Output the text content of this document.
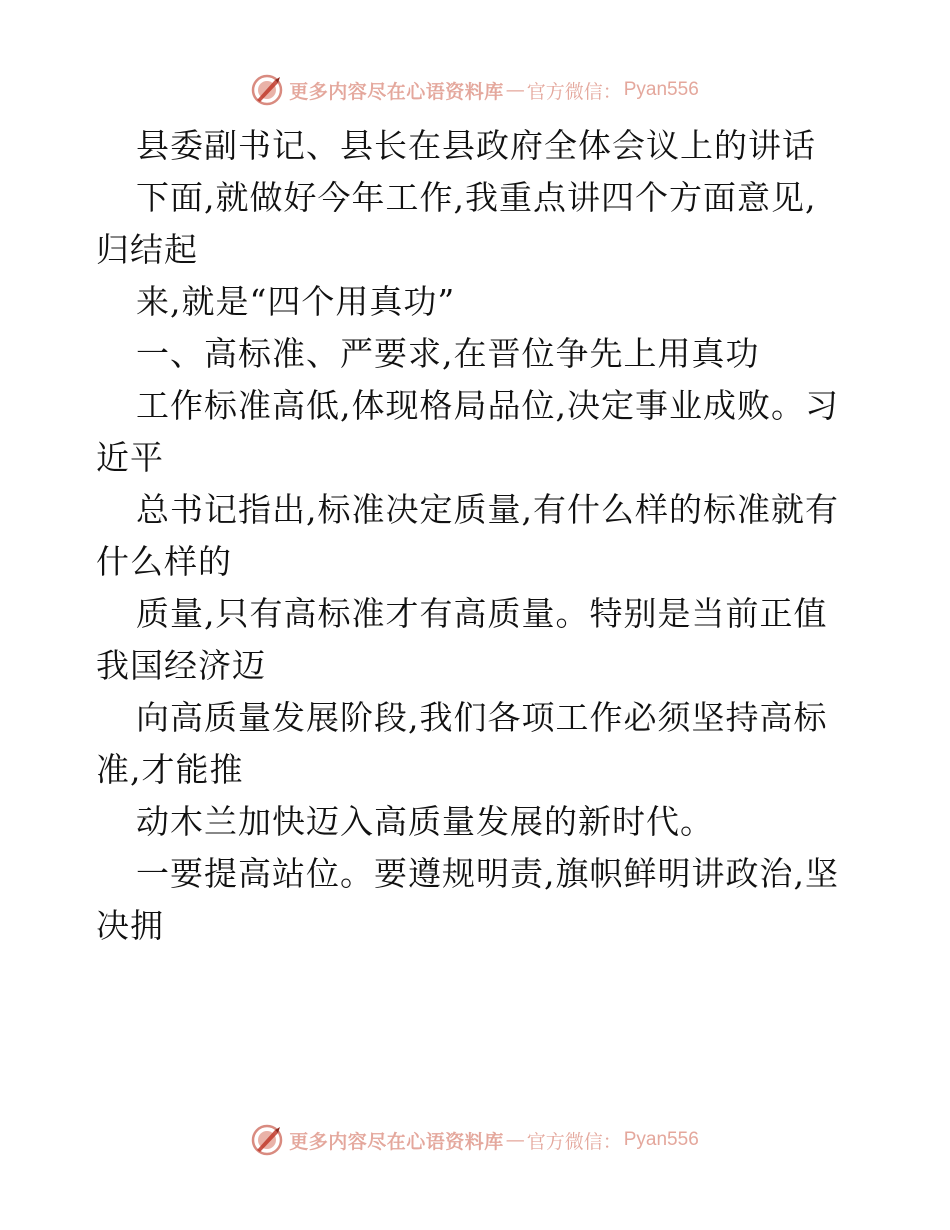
更多内容尽在心语资料库 — 官方微信： Pyan556
县委副书记、县长在县政府全体会议上的讲话
下面,就做好今年工作,我重点讲四个方面意见,
归结起
来,就是“四个用真功”
一、高标准、严要求,在晋位争先上用真功
工作标准高低,体现格局品位,决定事业成败。习
近平
总书记指出,标准决定质量,有什么样的标准就有
什么样的
质量,只有高标准才有高质量。特别是当前正值
我国经济迈
向高质量发展阶段,我们各项工作必须坚持高标
准,才能推
动木兰加快迈入高质量发展的新时代。
一要提高站位。要遵规明责,旗帜鲜明讲政治,坚
决拥
更多内容尽在心语资料库 — 官方微信： Pyan556
